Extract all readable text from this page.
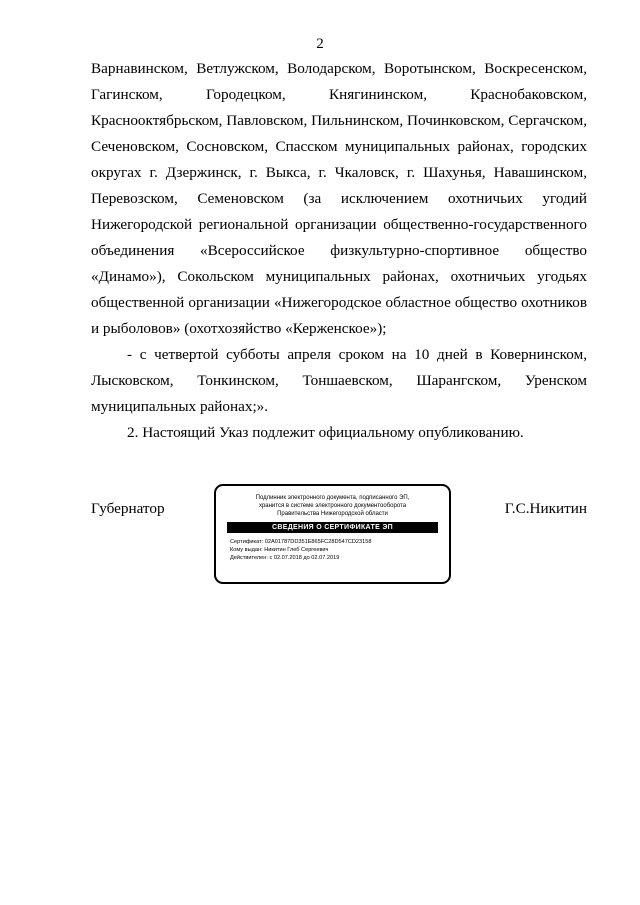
2

Варнавинском, Ветлужском, Володарском, Воротынском, Воскресенском, Гагинском, Городецком, Княгининском, Краснобаковском, Краснооктябрьском, Павловском, Пильнинском, Починковском, Сергачском, Сеченовском, Сосновском, Спасском муниципальных районах, городских округах г. Дзержинск, г. Выкса, г. Чкаловск, г. Шахунья, Навашинском, Перевозском, Семеновском (за исключением охотничьих угодий Нижегородской региональной организации общественно-государственного объединения «Всероссийское физкультурно-спортивное общество «Динамо»), Сокольском муниципальных районах, охотничьих угодьях общественной организации «Нижегородское областное общество охотников и рыболовов» (охотхозяйство «Керженское»);

- с четвертой субботы апреля сроком на 10 дней в Ковернинском, Лысковском, Тонкинском, Тоншаевском, Шарангском, Уренском муниципальных районах;».

2. Настоящий Указ подлежит официальному опубликованию.

Губернатор
Подлинник электронного документа, подписанного ЭП,
хранится в системе электронного документооборота
Правительства Нижегородской области
СВЕДЕНИЯ О СЕРТИФИКАТЕ ЭП
Сертификат: 02A01787DD351E865FC28D547CD23158
Кому выдан: Никитин Глеб Сергеевич
Действителен: с 02.07.2018 до 02.07.2019
Г.С.Никитин
